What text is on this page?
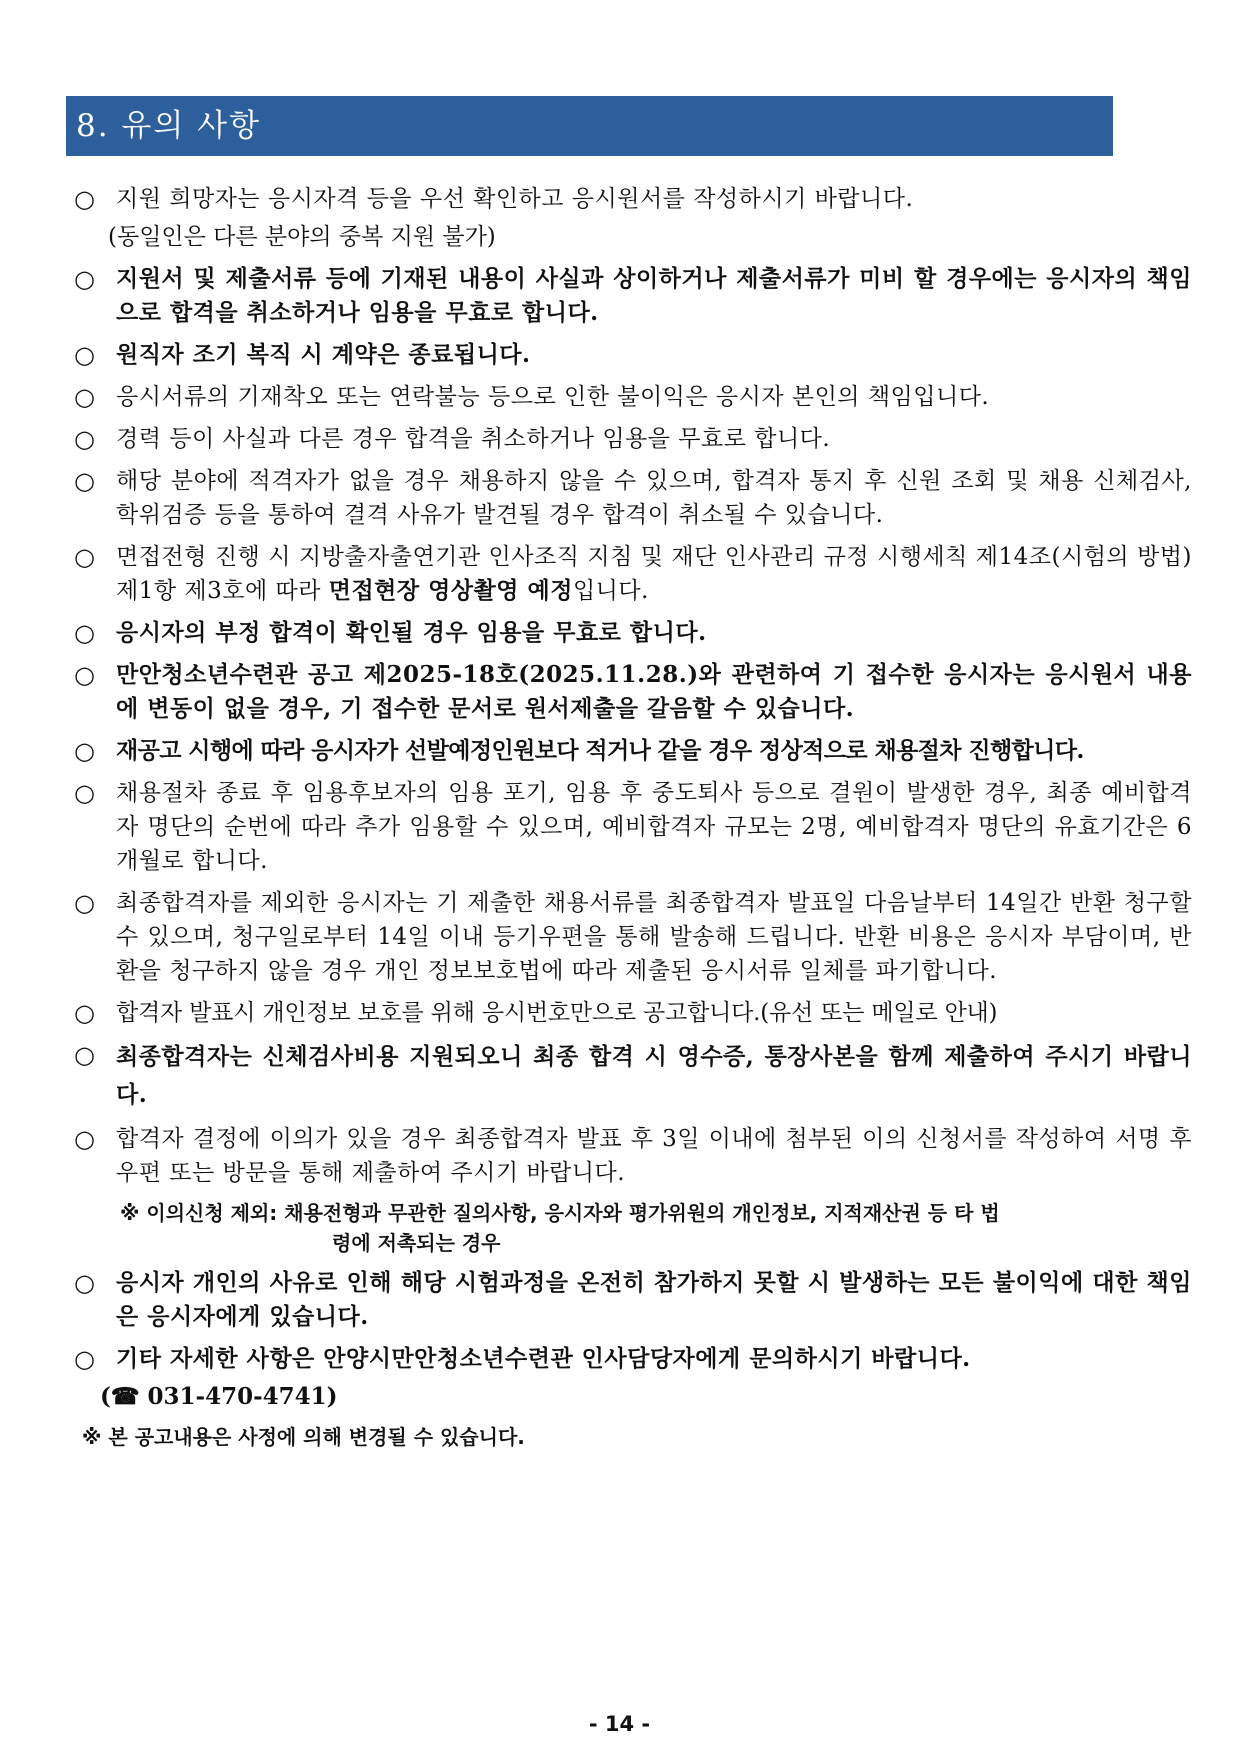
8. 유의 사항
○ 지원 희망자는 응시자격 등을 우선 확인하고 응시원서를 작성하시기 바랍니다.
(동일인은 다른 분야의 중복 지원 불가)
○ 지원서 및 제출서류 등에 기재된 내용이 사실과 상이하거나 제출서류가 미비 할 경우에는 응시자의 책임으로 합격을 취소하거나 임용을 무효로 합니다.
○ 원직자 조기 복직 시 계약은 종료됩니다.
○ 응시서류의 기재착오 또는 연락불능 등으로 인한 불이익은 응시자 본인의 책임입니다.
○ 경력 등이 사실과 다른 경우 합격을 취소하거나 임용을 무효로 합니다.
○ 해당 분야에 적격자가 없을 경우 채용하지 않을 수 있으며, 합격자 통지 후 신원 조회 및 채용 신체검사, 학위검증 등을 통하여 결격 사유가 발견될 경우 합격이 취소될 수 있습니다.
○ 면접전형 진행 시 지방출자출연기관 인사조직 지침 및 재단 인사관리 규정 시행세칙 제14조(시험의 방법) 제1항 제3호에 따라 면접현장 영상촬영 예정입니다.
○ 응시자의 부정 합격이 확인될 경우 임용을 무효로 합니다.
○ 만안청소년수련관 공고 제2025-18호(2025.11.28.)와 관련하여 기 접수한 응시자는 응시원서 내용에 변동이 없을 경우, 기 접수한 문서로 원서제출을 갈음할 수 있습니다.
○ 재공고 시행에 따라 응시자가 선발예정인원보다 적거나 같을 경우 정상적으로 채용절차 진행합니다.
○ 채용절차 종료 후 임용후보자의 임용 포기, 임용 후 중도퇴사 등으로 결원이 발생한 경우, 최종 예비합격자 명단의 순번에 따라 추가 임용할 수 있으며, 예비합격자 규모는 2명, 예비합격자 명단의 유효기간은 6개월로 합니다.
○ 최종합격자를 제외한 응시자는 기 제출한 채용서류를 최종합격자 발표일 다음날부터 14일간 반환 청구할 수 있으며, 청구일로부터 14일 이내 등기우편을 통해 발송해 드립니다. 반환 비용은 응시자 부담이며, 반환을 청구하지 않을 경우 개인 정보보호법에 따라 제출된 응시서류 일체를 파기합니다.
○ 합격자 발표시 개인정보 보호를 위해 응시번호만으로 공고합니다.(유선 또는 메일로 안내)
○ 최종합격자는 신체검사비용 지원되오니 최종 합격 시 영수증, 통장사본을 함께 제출하여 주시기 바랍니다.
○ 합격자 결정에 이의가 있을 경우 최종합격자 발표 후 3일 이내에 첨부된 이의 신청서를 작성하여 서명 후 우편 또는 방문을 통해 제출하여 주시기 바랍니다.
※ 이의신청 제외: 채용전형과 무관한 질의사항, 응시자와 평가위원의 개인정보, 지적재산권 등 타 법
령에 저촉되는 경우
○ 응시자 개인의 사유로 인해 해당 시험과정을 온전히 참가하지 못할 시 발생하는 모든 불이익에 대한 책임은 응시자에게 있습니다.
○ 기타 자세한 사항은 안양시만안청소년수련관 인사담당자에게 문의하시기 바랍니다.
(☎ 031-470-4741)
※ 본 공고내용은 사정에 의해 변경될 수 있습니다.
- 14 -
